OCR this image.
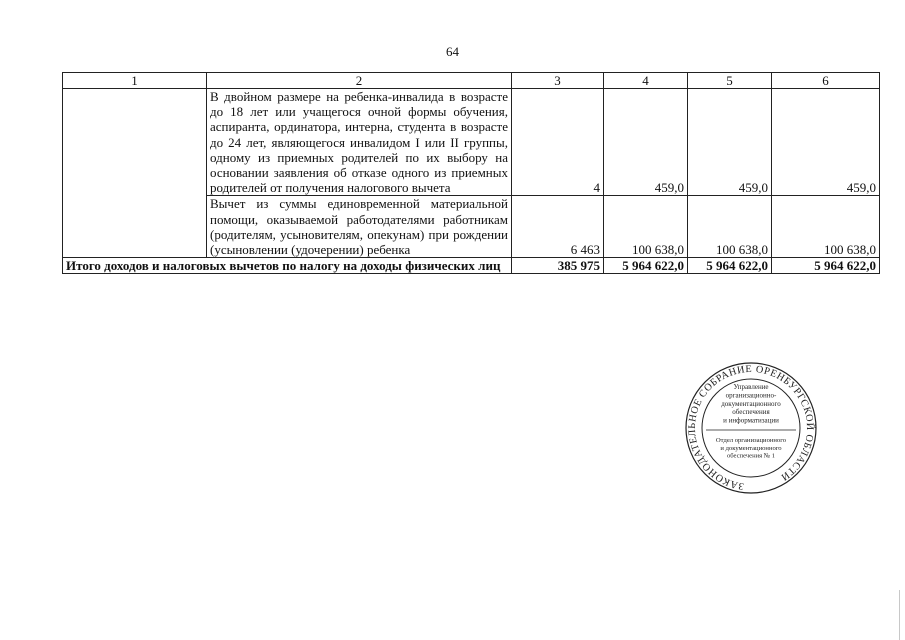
64
1	2	3	4	5	6
	В двойном размере на ребенка-инвалида в возрасте до 18 лет или учащегося очной формы обучения, аспиранта, ординатора, интерна, студента в возрасте до 24 лет, являющегося инвалидом I или II группы, одному из приемных родителей по их выбору на основании заявления об отказе одного из приемных родителей от получения налогового вычета	4	459,0	459,0	459,0
	Вычет из суммы единовременной материальной помощи, оказываемой работодателями работникам (родителям, усыновителям, опекунам) при рождении (усыновлении (удочерении) ребенка	6 463	100 638,0	100 638,0	100 638,0
Итого доходов и налоговых вычетов по налогу на доходы физических лиц		385 975	5 964 622,0	5 964 622,0	5 964 622,0
ЗАКОНОДАТЕЛЬНОЕ СОБРАНИЕ ОРЕНБУРГСКОЙ ОБЛАСТИ
Управление
организационно-
документационного
обеспечения
и информатизации
Отдел организационного
и документационного
обеспечения № 1
